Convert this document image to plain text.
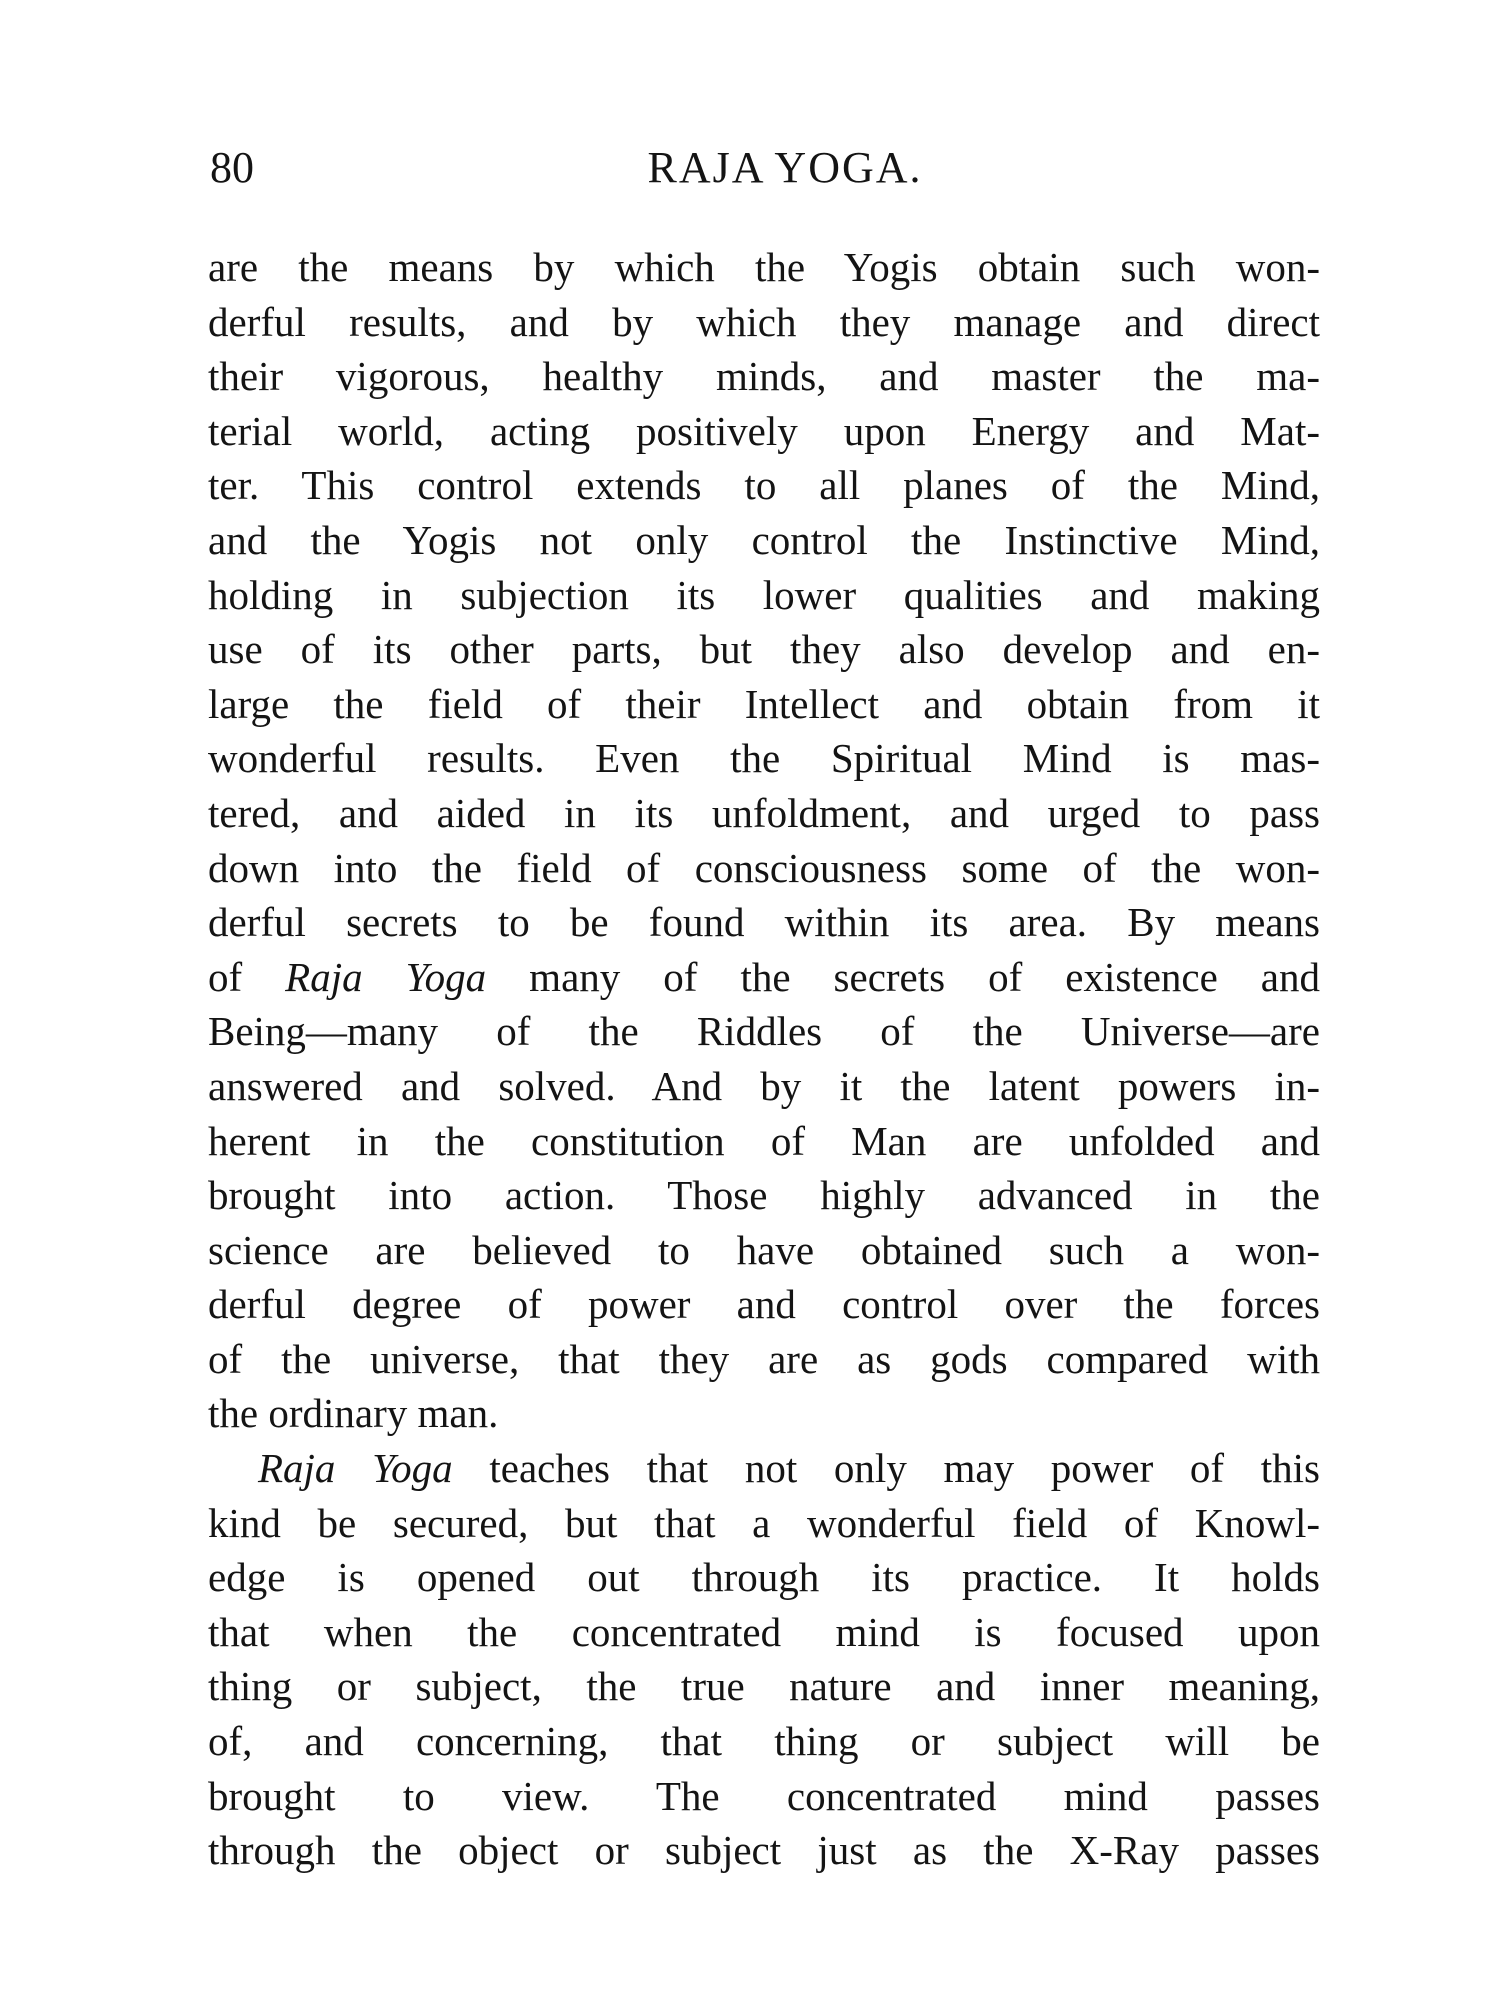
80	RAJA YOGA.
are the means by which the Yogis obtain such won-
derful results, and by which they manage and direct
their vigorous, healthy minds, and master the ma-
terial world, acting positively upon Energy and Mat-
ter. This control extends to all planes of the Mind,
and the Yogis not only control the Instinctive Mind,
holding in subjection its lower qualities and making
use of its other parts, but they also develop and en-
large the field of their Intellect and obtain from it
wonderful results. Even the Spiritual Mind is mas-
tered, and aided in its unfoldment, and urged to pass
down into the field of consciousness some of the won-
derful secrets to be found within its area. By means
of Raja Yoga many of the secrets of existence and
Being—many of the Riddles of the Universe—are
answered and solved. And by it the latent powers in-
herent in the constitution of Man are unfolded and
brought into action. Those highly advanced in the
science are believed to have obtained such a won-
derful degree of power and control over the forces
of the universe, that they are as gods compared with
the ordinary man.
Raja Yoga teaches that not only may power of this
kind be secured, but that a wonderful field of Knowl-
edge is opened out through its practice. It holds
that when the concentrated mind is focused upon
thing or subject, the true nature and inner meaning,
of, and concerning, that thing or subject will be
brought to view. The concentrated mind passes
through the object or subject just as the X-Ray passes
